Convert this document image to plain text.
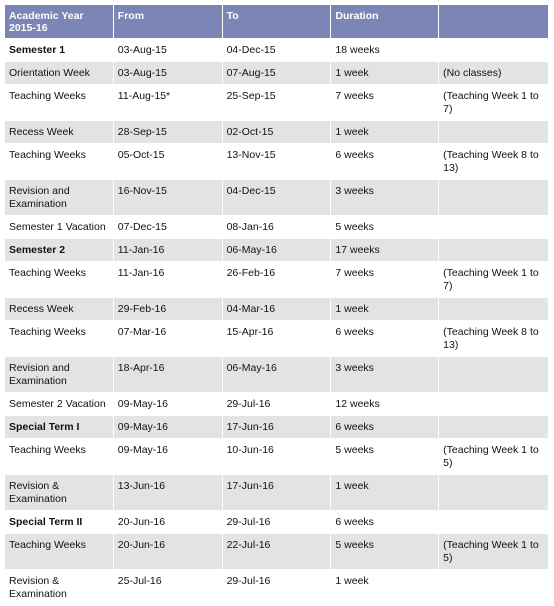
Academic Year 2015-16	From	To	Duration	
Semester 1	03-Aug-15	04-Dec-15	18 weeks	
Orientation Week	03-Aug-15	07-Aug-15	1 week	(No classes)
Teaching Weeks	11-Aug-15*	25-Sep-15	7 weeks	(Teaching Week 1 to 7)
Recess Week	28-Sep-15	02-Oct-15	1 week	
Teaching Weeks	05-Oct-15	13-Nov-15	6 weeks	(Teaching Week 8 to 13)
Revision and Examination	16-Nov-15	04-Dec-15	3 weeks	
Semester 1 Vacation	07-Dec-15	08-Jan-16	5 weeks	
Semester 2	11-Jan-16	06-May-16	17 weeks	
Teaching Weeks	11-Jan-16	26-Feb-16	7 weeks	(Teaching Week 1 to 7)
Recess Week	29-Feb-16	04-Mar-16	1 week	
Teaching Weeks	07-Mar-16	15-Apr-16	6 weeks	(Teaching Week 8 to 13)
Revision and Examination	18-Apr-16	06-May-16	3 weeks	
Semester 2 Vacation	09-May-16	29-Jul-16	12 weeks	
Special Term I	09-May-16	17-Jun-16	6 weeks	
Teaching Weeks	09-May-16	10-Jun-16	5 weeks	(Teaching Week 1 to 5)
Revision & Examination	13-Jun-16	17-Jun-16	1 week	
Special Term II	20-Jun-16	29-Jul-16	6 weeks	
Teaching Weeks	20-Jun-16	22-Jul-16	5 weeks	(Teaching Week 1 to 5)
Revision & Examination	25-Jul-16	29-Jul-16	1 week	
